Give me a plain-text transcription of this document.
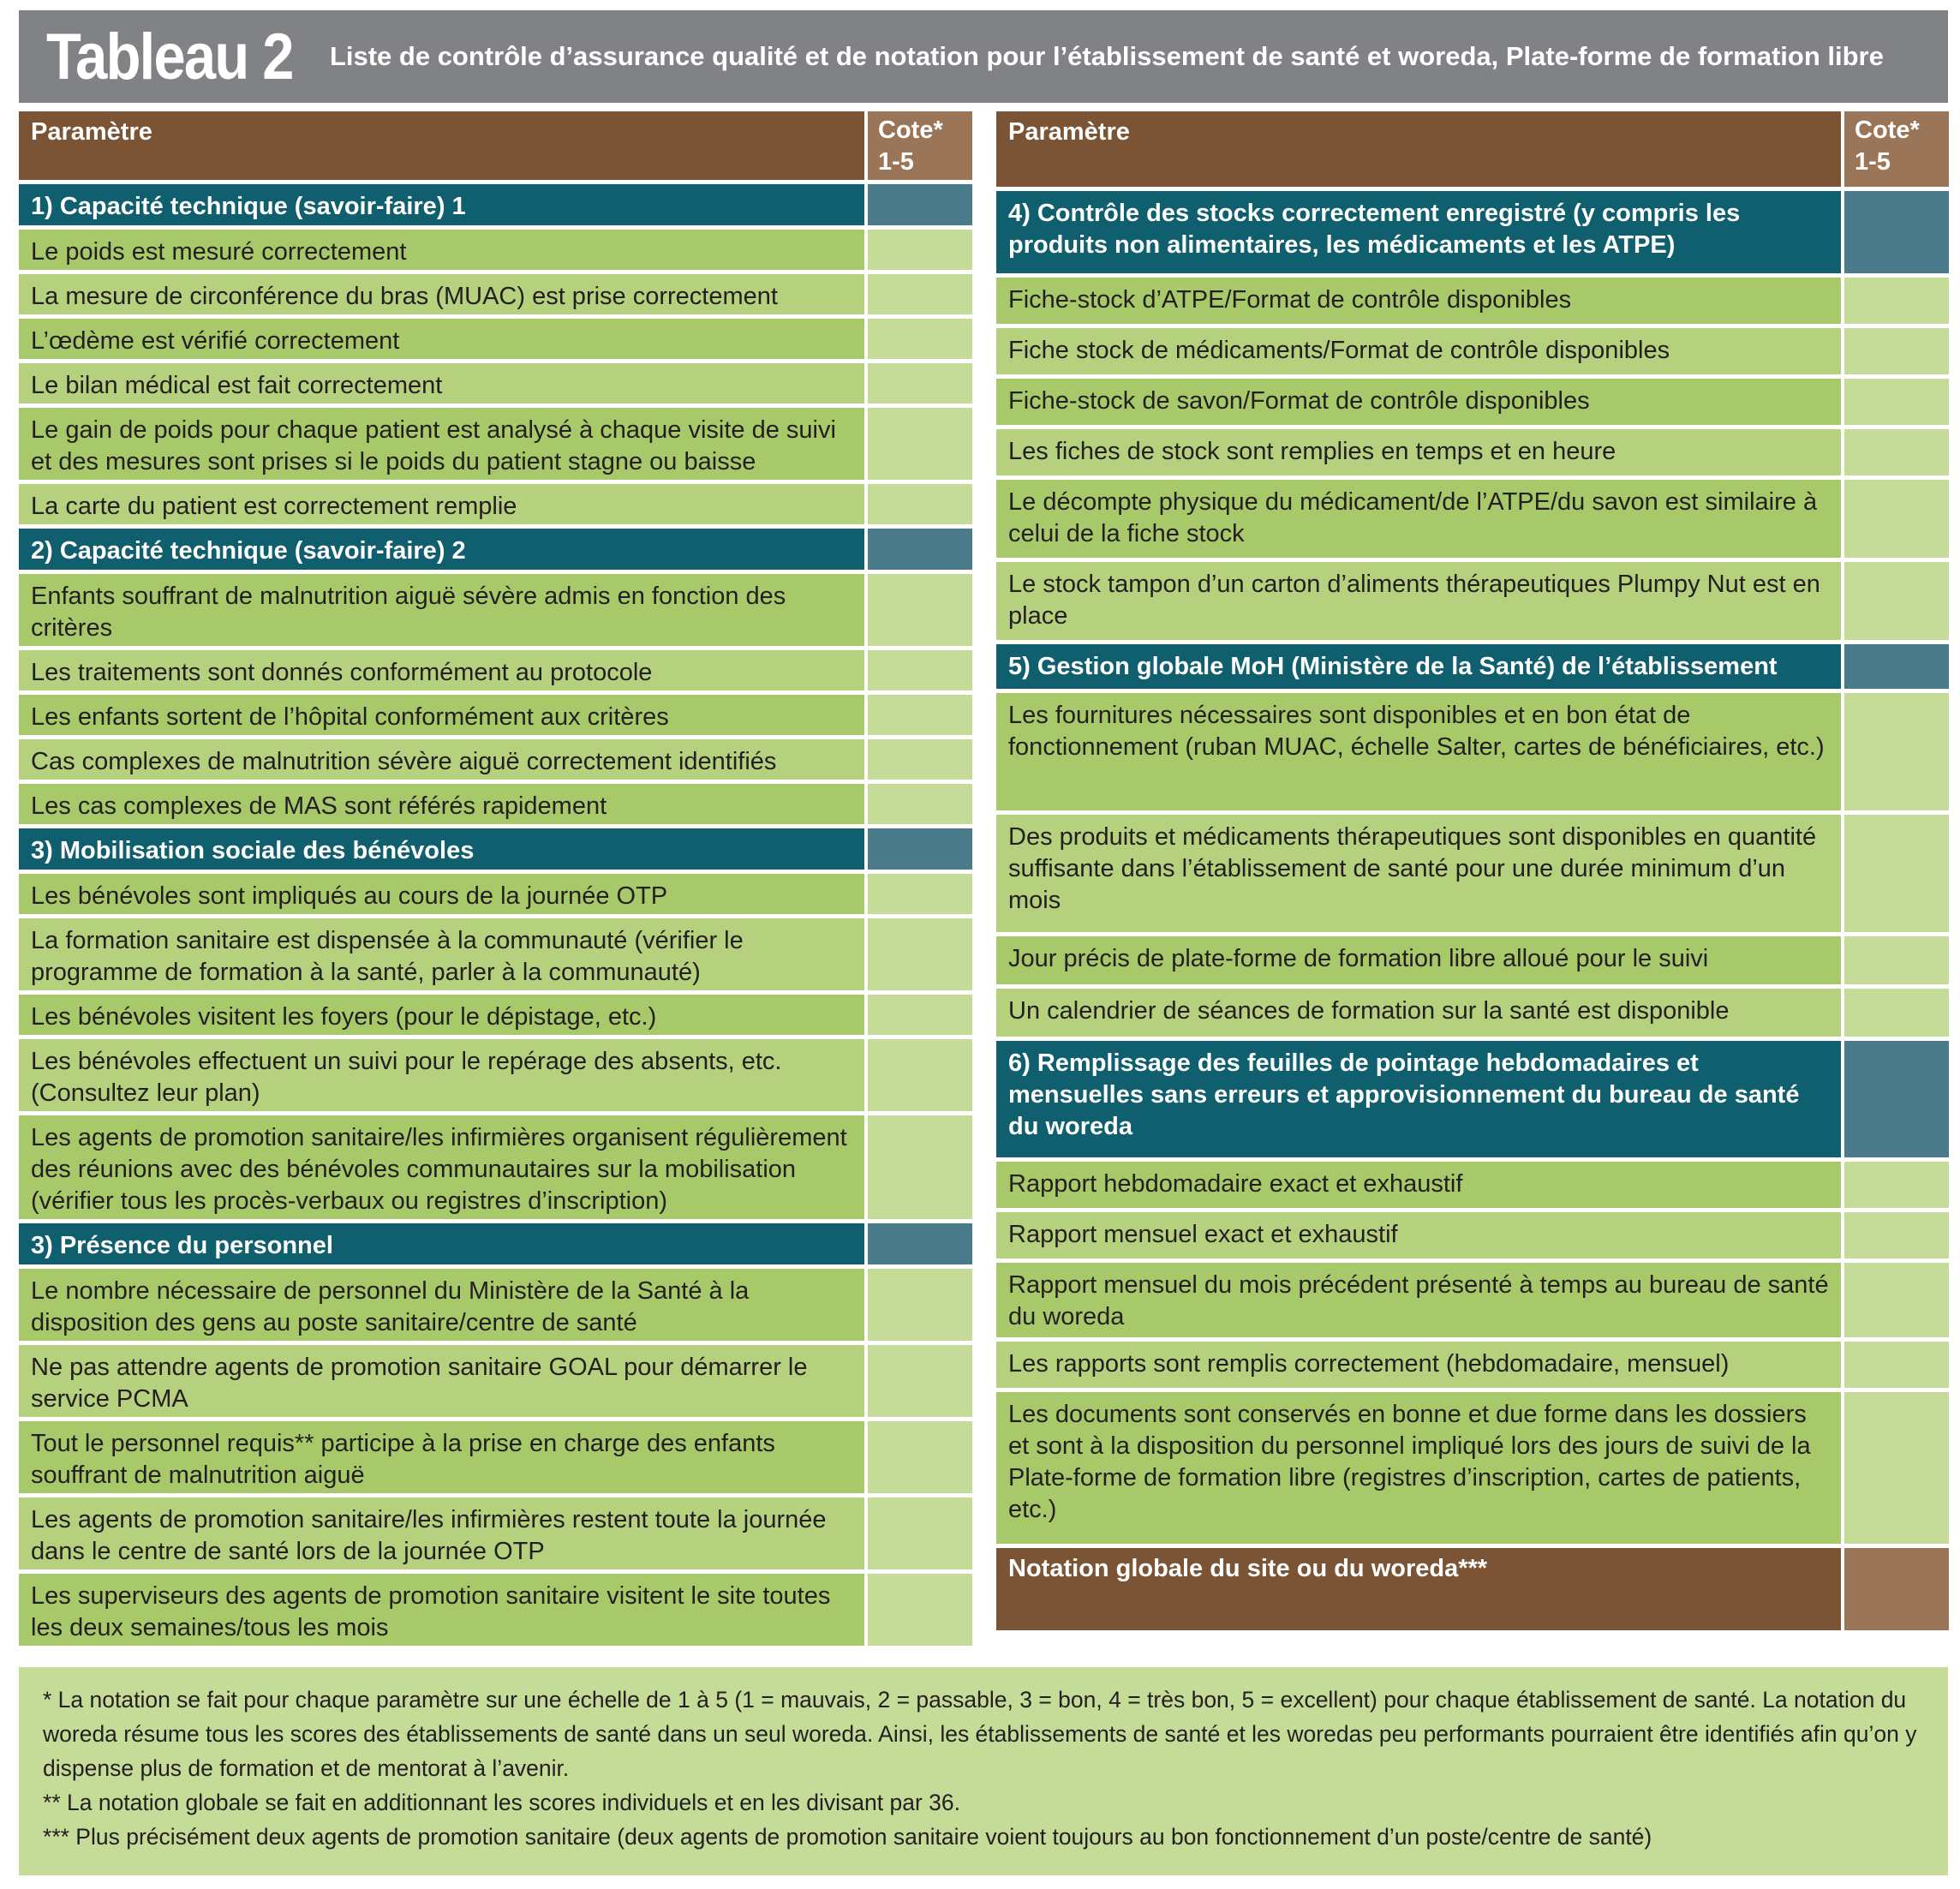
Tableau 2 Liste de contrôle d’assurance qualité et de notation pour l’établissement de santé et woreda, Plate-forme de formation libre
Paramètre	Cote* 1-5
1) Capacité technique (savoir-faire) 1
Le poids est mesuré correctement
La mesure de circonférence du bras (MUAC) est prise correctement
L’œdème est vérifié correctement
Le bilan médical est fait correctement
Le gain de poids pour chaque patient est analysé à chaque visite de suivi et des mesures sont prises si le poids du patient stagne ou baisse
La carte du patient est correctement remplie
2) Capacité technique (savoir-faire) 2
Enfants souffrant de malnutrition aiguë sévère admis en fonction des critères
Les traitements sont donnés conformément au protocole
Les enfants sortent de l’hôpital conformément aux critères
Cas complexes de malnutrition sévère aiguë correctement identifiés
Les cas complexes de MAS sont référés rapidement
3) Mobilisation sociale des bénévoles
Les bénévoles sont impliqués au cours de la journée OTP
La formation sanitaire est dispensée à la communauté (vérifier le programme de formation à la santé, parler à la communauté)
Les bénévoles visitent les foyers (pour le dépistage, etc.)
Les bénévoles effectuent un suivi pour le repérage des absents, etc. (Consultez leur plan)
Les agents de promotion sanitaire/les infirmières organisent régulièrement des réunions avec des bénévoles communautaires sur la mobilisation (vérifier tous les procès-verbaux ou registres d’inscription)
3) Présence du personnel
Le nombre nécessaire de personnel du Ministère de la Santé à la disposition des gens au poste sanitaire/centre de santé
Ne pas attendre agents de promotion sanitaire GOAL pour démarrer le service PCMA
Tout le personnel requis** participe à la prise en charge des enfants souffrant de malnutrition aiguë
Les agents de promotion sanitaire/les infirmières restent toute la journée dans le centre de santé lors de la journée OTP
Les superviseurs des agents de promotion sanitaire visitent le site toutes les deux semaines/tous les mois
Paramètre	Cote* 1-5
4) Contrôle des stocks correctement enregistré (y compris les produits non alimentaires, les médicaments et les ATPE)
Fiche-stock d’ATPE/Format de contrôle disponibles
Fiche stock de médicaments/Format de contrôle disponibles
Fiche-stock de savon/Format de contrôle disponibles
Les fiches de stock sont remplies en temps et en heure
Le décompte physique du médicament/de l’ATPE/du savon est similaire à celui de la fiche stock
Le stock tampon d’un carton d’aliments thérapeutiques Plumpy Nut est en place
5) Gestion globale MoH (Ministère de la Santé) de l’établissement
Les fournitures nécessaires sont disponibles et en bon état de fonctionnement (ruban MUAC, échelle Salter, cartes de bénéficiaires, etc.)
Des produits et médicaments thérapeutiques sont disponibles en quantité suffisante dans l’établissement de santé pour une durée minimum d’un mois
Jour précis de plate-forme de formation libre alloué pour le suivi
Un calendrier de séances de formation sur la santé est disponible
6) Remplissage des feuilles de pointage hebdomadaires et mensuelles sans erreurs et approvisionnement du bureau de santé du woreda
Rapport hebdomadaire exact et exhaustif
Rapport mensuel exact et exhaustif
Rapport mensuel du mois précédent présenté à temps au bureau de santé du woreda
Les rapports sont remplis correctement (hebdomadaire, mensuel)
Les documents sont conservés en bonne et due forme dans les dossiers et sont à la disposition du personnel impliqué lors des jours de suivi de la Plate-forme de formation libre (registres d’inscription, cartes de patients, etc.)
Notation globale du site ou du woreda***

* La notation se fait pour chaque paramètre sur une échelle de 1 à 5 (1 = mauvais, 2 = passable, 3 = bon, 4 = très bon, 5 = excellent) pour chaque établissement de santé. La notation du woreda résume tous les scores des établissements de santé dans un seul woreda. Ainsi, les établissements de santé et les woredas peu performants pourraient être identifiés afin qu’on y dispense plus de formation et de mentorat à l’avenir.

** La notation globale se fait en additionnant les scores individuels et en les divisant par 36.

*** Plus précisément deux agents de promotion sanitaire (deux agents de promotion sanitaire voient toujours au bon fonctionnement d’un poste/centre de santé)
